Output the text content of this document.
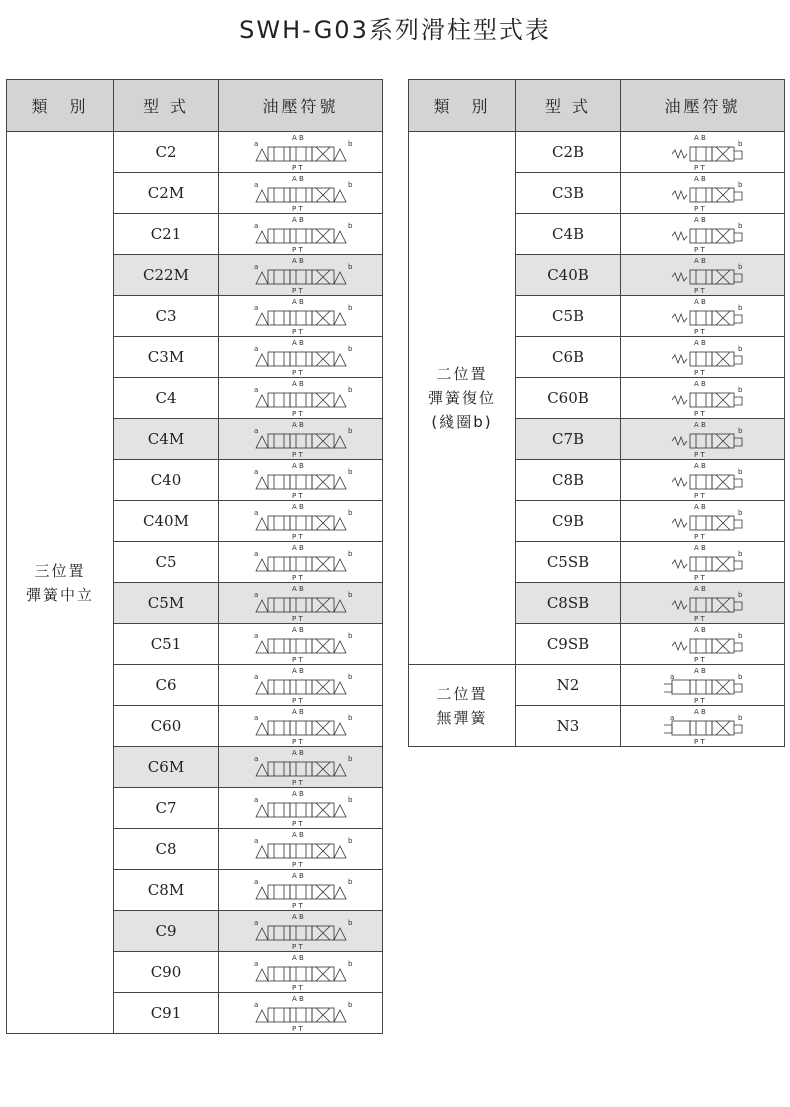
SWH-G03系列滑柱型式表
類　別	型 式	油壓符號
三位置
彈簧中立	C2	A B
P T
a b

	C2M	A B
P T
a b

	C21	A B
P T
a b

	C22M	A B
P T
a b

	C3	A B
P T
a b

	C3M	A B
P T
a b

	C4	A B
P T
a b

	C4M	A B
P T
a b

	C40	A B
P T
a b

	C40M	A B
P T
a b

	C5	A B
P T
a b

	C5M	A B
P T
a b

	C51	A B
P T
a b

	C6	A B
P T
a b

	C60	A B
P T
a b

	C6M	A B
P T
a b

	C7	A B
P T
a b

	C8	A B
P T
a b

	C8M	A B
P T
a b

	C9	A B
P T
a b

	C90	A B
P T
a b

	C91	A B
P T
a b
類　別	型 式	油壓符號
二位置
彈簧復位
(綫圈b)	C2B	A B
P T
b

	C3B	A B
P T
b

	C4B	A B
P T
b

	C40B	A B
P T
b

	C5B	A B
P T
b

	C6B	A B
P T
b

	C60B	A B
P T
b

	C7B	A B
P T
b

	C8B	A B
P T
b

	C9B	A B
P T
b

	C5SB	A B
P T
b

	C8SB	A B
P T
b

	C9SB	A B
P T
b

二位置
無彈簧	N2	A B
P T
a b

	N3	A B
P T
a b
